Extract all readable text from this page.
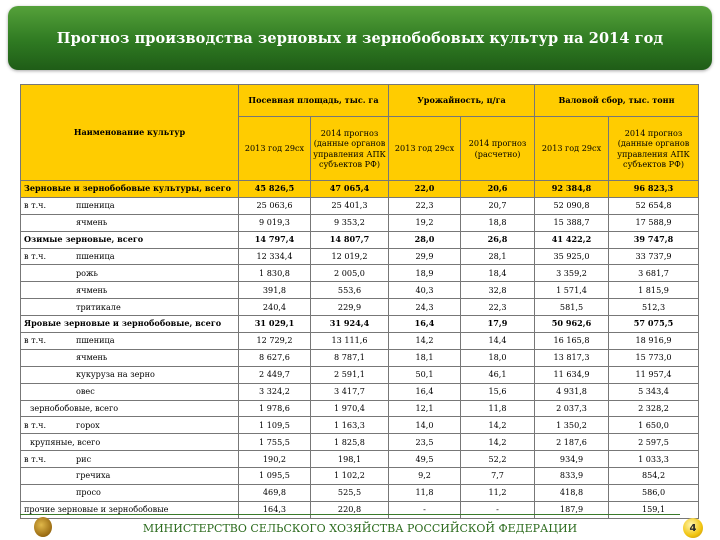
Прогноз производства зерновых и зернобобовых культур на 2014 год
Наименование культур	Посевная площадь, тыс. га		Урожайность, ц/га		Валовой сбор, тыс. тонн	
	2013 год 29сх	2014 прогноз (данные органов управления АПК субъектов РФ)	2013 год 29сх	2014 прогноз (расчетно)	2013 год 29сх	2014 прогноз (данные органов управления АПК субъектов РФ)

Зерновые и зернобобовые культуры, всего	45 826,5	47 065,4	22,0	20,6	92 384,8	96 823,3

в т.ч. пшеница	25 063,6	25 401,3	22,3	20,7	52 090,8	52 654,8

ячмень	9 019,3	9 353,2	19,2	18,8	15 388,7	17 588,9

Озимые зерновые, всего	14 797,4	14 807,7	28,0	26,8	41 422,2	39 747,8

в т.ч. пшеница	12 334,4	12 019,2	29,9	28,1	35 925,0	33 737,9

рожь	1 830,8	2 005,0	18,9	18,4	3 359,2	3 681,7

ячмень	391,8	553,6	40,3	32,8	1 571,4	1 815,9

тритикале	240,4	229,9	24,3	22,3	581,5	512,3

Яровые зерновые и зернобобовые, всего	31 029,1	31 924,4	16,4	17,9	50 962,6	57 075,5

в т.ч. пшеница	12 729,2	13 111,6	14,2	14,4	16 165,8	18 916,9

ячмень	8 627,6	8 787,1	18,1	18,0	13 817,3	15 773,0

кукуруза на зерно	2 449,7	2 591,1	50,1	46,1	11 634,9	11 957,4

овес	3 324,2	3 417,7	16,4	15,6	4 931,8	5 343,4

зернобобовые, всего	1 978,6	1 970,4	12,1	11,8	2 037,3	2 328,2

в т.ч. горох	1 109,5	1 163,3	14,0	14,2	1 350,2	1 650,0

крупяные, всего	1 755,5	1 825,8	23,5	14,2	2 187,6	2 597,5

в т.ч. рис	190,2	198,1	49,5	52,2	934,9	1 033,3

гречиха	1 095,5	1 102,2	9,2	7,7	833,9	854,2

просо	469,8	525,5	11,8	11,2	418,8	586,0

прочие зерновые и зернобобовые	164,3	220,8	-	-	187,9	159,1
МИНИСТЕРСТВО СЕЛЬСКОГО ХОЗЯЙСТВА РОССИЙСКОЙ ФЕДЕРАЦИИ	4
